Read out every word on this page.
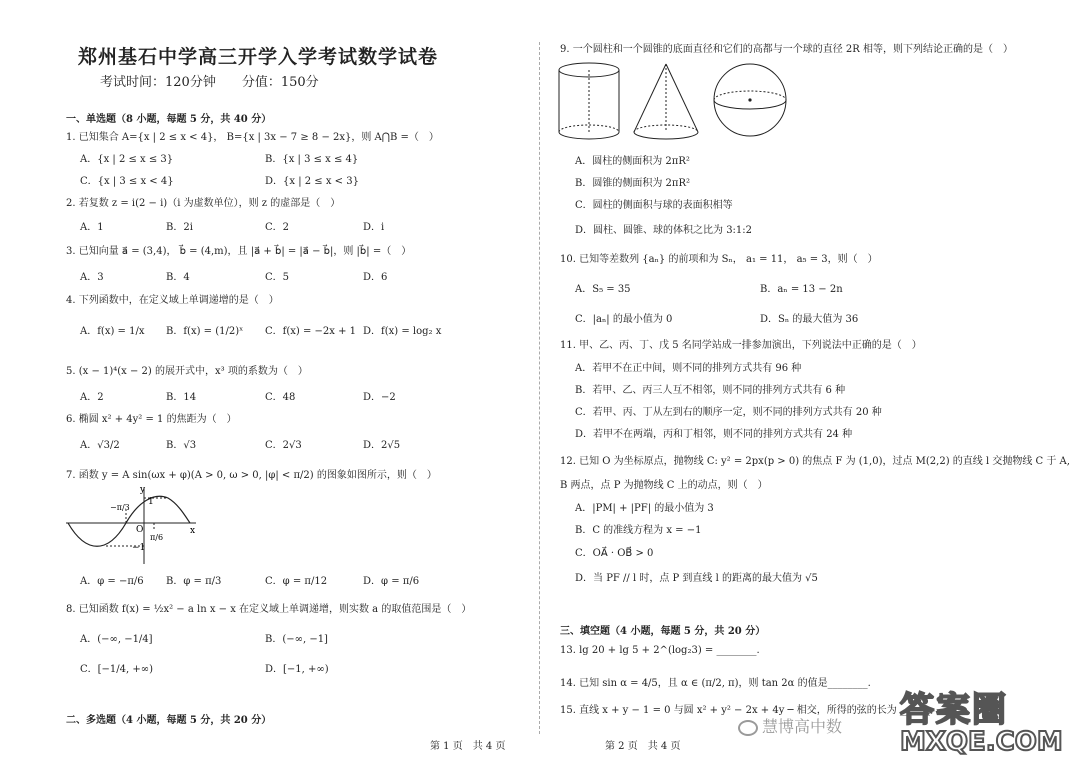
郑州基石中学高三开学入学考试数学试卷
考试时间：120分钟　　分值：150分
一、单选题（8 小题，每题 5 分，共 40 分）
1. 已知集合 A={x | 2 ≤ x < 4}， B={x | 3x − 7 ≥ 8 − 2x}，则 A⋂B =（　）
A．{x | 2 ≤ x ≤ 3}	B．{x | 3 ≤ x ≤ 4}
C．{x | 3 ≤ x < 4}	D．{x | 2 ≤ x < 3}
2. 若复数 z = i(2 − i)（i 为虚数单位），则 z 的虚部是（　）
A．1	B．2i	C．2	D．i
3. 已知向量 a⃗ = (3,4)， b⃗ = (4,m)，且 |a⃗ + b⃗| = |a⃗ − b⃗|，则 |b⃗| =（　）
A．3	B．4	C．5	D．6
4. 下列函数中，在定义域上单调递增的是（　）
A．f(x) = 1/x B．f(x) = (1/2)ˣ C．f(x) = −2x + 1 D．f(x) = log₂ x
5. (x − 1)⁴(x − 2) 的展开式中，x³ 项的系数为（　）
A．2	B．14	C．48	D．−2
6. 椭圆 x² + 4y² = 1 的焦距为（　）
A．√3/2	B．√3	C．2√3	D．2√5
7. 函数 y = A sin(ωx + φ)(A > 0, ω > 0, |φ| < π/2) 的图象如图所示，则（　）
y
x
1
−1
O
−π/3
π/6
A．φ = −π/6 B．φ = π/3	C．φ = π/12	D．φ = π/6
8. 已知函数 f(x) = ½x² − a ln x − x 在定义域上单调递增，则实数 a 的取值范围是（　）
A．(−∞, −1/4]	B．(−∞, −1]
C．[−1/4, +∞)	D．[−1, +∞)
二、多选题（4 小题，每题 5 分，共 20 分）
第 1 页　共 4 页
9. 一个圆柱和一个圆锥的底面直径和它们的高都与一个球的直径 2R 相等，则下列结论正确的是（　）
A．圆柱的侧面积为 2πR²
B．圆锥的侧面积为 2πR²
C．圆柱的侧面积与球的表面积相等
D．圆柱、圆锥、球的体积之比为 3:1:2
10. 已知等差数列 {aₙ} 的前项和为 Sₙ， a₁ = 11， a₅ = 3，则（　）
A．S₅ = 35	B．aₙ = 13 − 2n
C．|aₙ| 的最小值为 0	D．Sₙ 的最大值为 36
11. 甲、乙、丙、丁、戊 5 名同学站成一排参加演出，下列说法中正确的是（　）
A．若甲不在正中间，则不同的排列方式共有 96 种
B．若甲、乙、丙三人互不相邻，则不同的排列方式共有 6 种
C．若甲、丙、丁从左到右的顺序一定，则不同的排列方式共有 20 种
D．若甲不在两端，丙和丁相邻，则不同的排列方式共有 24 种
12. 已知 O 为坐标原点，抛物线 C: y² = 2px(p > 0) 的焦点 F 为 (1,0)，过点 M(2,2) 的直线 l 交抛物线 C 于 A,
B 两点，点 P 为抛物线 C 上的动点，则（　）
A．|PM| + |PF| 的最小值为 3
B．C 的准线方程为 x = −1
C．OA⃗ · OB⃗ > 0
D．当 PF // l 时，点 P 到直线 l 的距离的最大值为 √5
三、填空题（4 小题，每题 5 分，共 20 分）
13. lg 20 + lg 5 + 2^(log₂3) = ________.
14. 已知 sin α = 4/5，且 α ∈ (π/2, π)，则 tan 2α 的值是________.
15. 直线 x + y − 1 = 0 与圆 x² + y² − 2x + 4y ─ 相交，所得的弦的长为 ______
第 2 页　共 4 页
慧博高中数 答案圈
MXQE.COM
